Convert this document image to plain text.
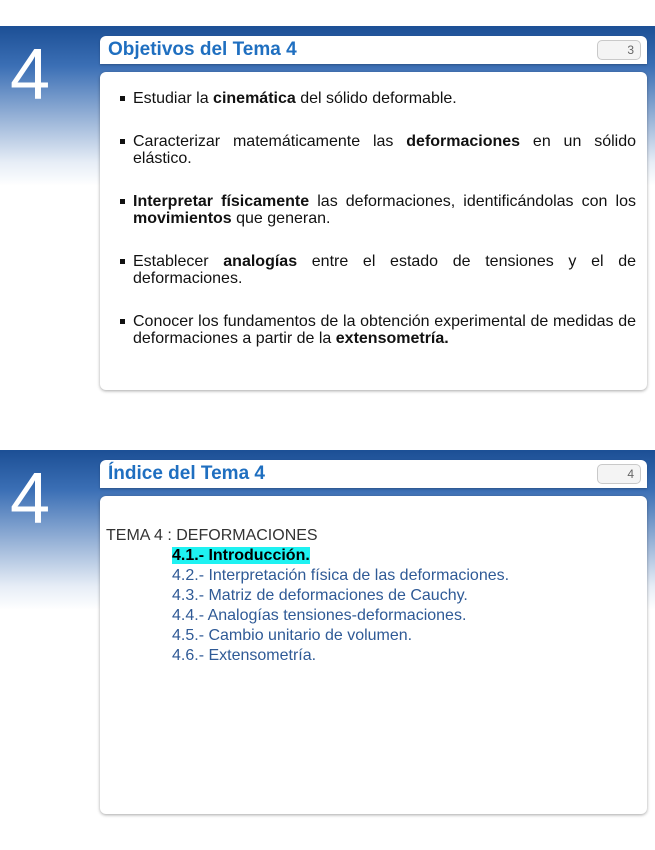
4	Objetivos del Tema 4	3
Estudiar la cinemática del sólido deformable.
Caracterizar matemáticamente las deformaciones en un sólido elástico.
Interpretar físicamente las deformaciones, identificándolas con los movimientos que generan.
Establecer analogías entre el estado de tensiones y el de deformaciones.
Conocer los fundamentos de la obtención experimental de medidas de deformaciones a partir de la extensometría.
4	Índice del Tema 4	4
TEMA 4 : DEFORMACIONES
4.1.- Introducción.
4.2.- Interpretación física de las deformaciones.
4.3.- Matriz de deformaciones de Cauchy.
4.4.- Analogías tensiones-deformaciones.
4.5.- Cambio unitario de volumen.
4.6.- Extensometría.
